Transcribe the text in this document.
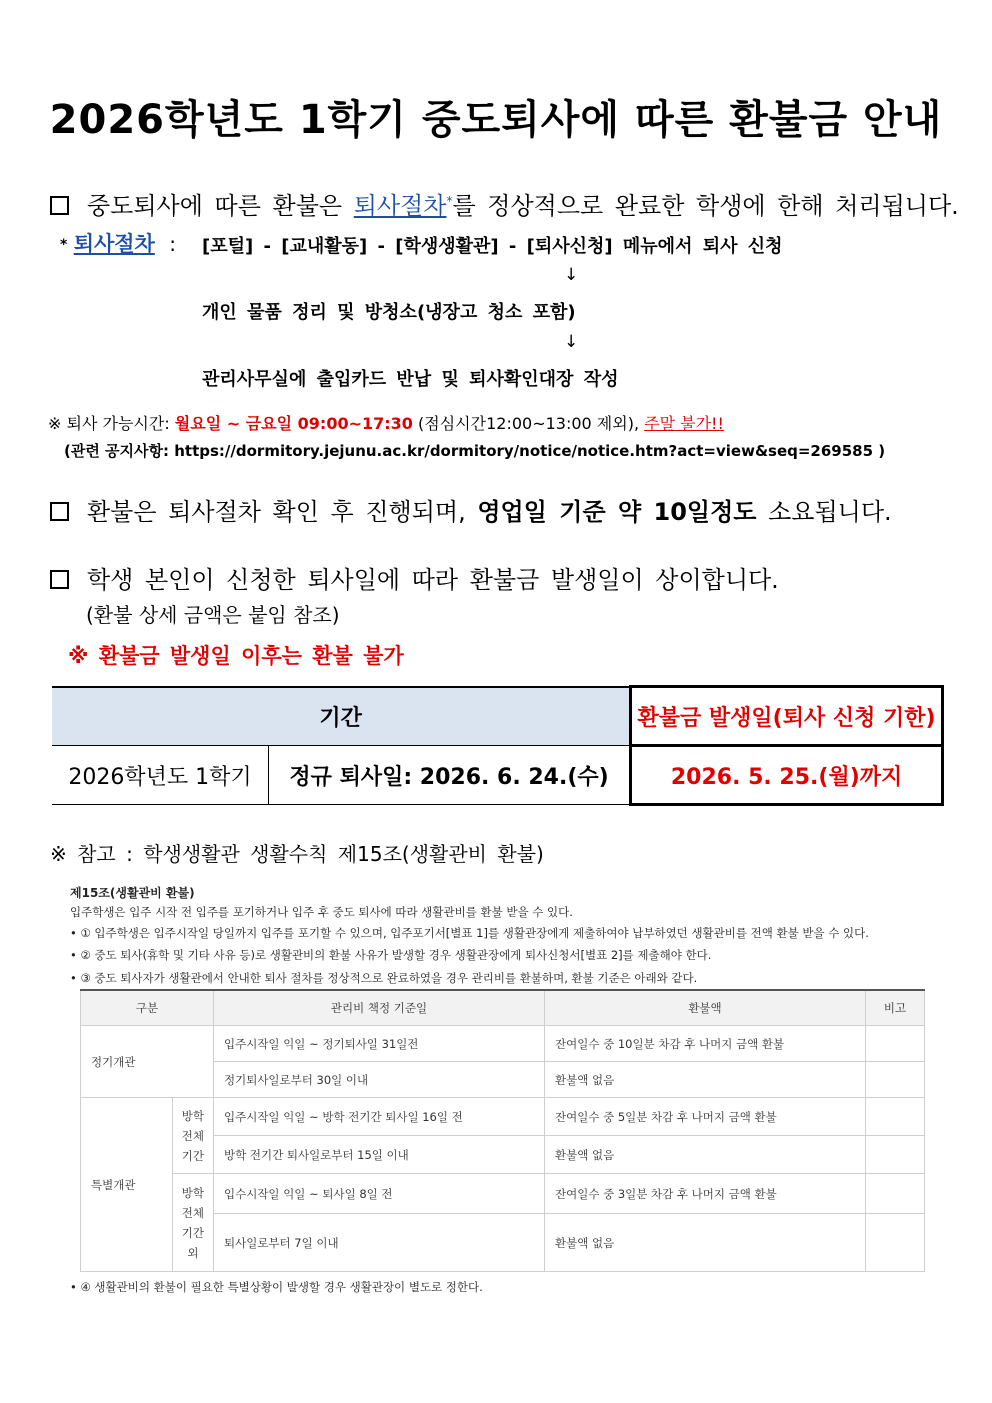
2026학년도 1학기 중도퇴사에 따른 환불금 안내
중도퇴사에 따른 환불은 퇴사절차*를 정상적으로 완료한 학생에 한해 처리됩니다.
* 퇴사절차 : [포털] - [교내활동] - [학생생활관] - [퇴사신청] 메뉴에서 퇴사 신청
↓
개인 물품 정리 및 방청소(냉장고 청소 포함)
↓
관리사무실에 출입카드 반납 및 퇴사확인대장 작성
※ 퇴사 가능시간: 월요일 ~ 금요일 09:00~17:30 (점심시간12:00~13:00 제외), 주말 불가!!
(관련 공지사항: https://dormitory.jejunu.ac.kr/dormitory/notice/notice.htm?act=view&seq=269585 )
환불은 퇴사절차 확인 후 진행되며, 영업일 기준 약 10일정도 소요됩니다.
학생 본인이 신청한 퇴사일에 따라 환불금 발생일이 상이합니다.
(환불 상세 금액은 붙임 참조)
※ 환불금 발생일 이후는 환불 불가
기간		환불금 발생일(퇴사 신청 기한)
2026학년도 1학기	정규 퇴사일: 2026. 6. 24.(수)	2026. 5. 25.(월)까지
※ 참고 : 학생생활관 생활수칙 제15조(생활관비 환불)
제15조(생활관비 환불)
입주학생은 입주 시작 전 입주를 포기하거나 입주 후 중도 퇴사에 따라 생활관비를 환불 받을 수 있다.
• ① 입주학생은 입주시작일 당일까지 입주를 포기할 수 있으며, 입주포기서[별표 1]를 생활관장에게 제출하여야 납부하였던 생활관비를 전액 환불 받을 수 있다.
• ② 중도 퇴사(휴학 및 기타 사유 등)로 생활관비의 환불 사유가 발생할 경우 생활관장에게 퇴사신청서[별표 2]를 제출해야 한다.
• ③ 중도 퇴사자가 생활관에서 안내한 퇴사 절차를 정상적으로 완료하였을 경우 관리비를 환불하며, 환불 기준은 아래와 같다.
• ④ 생활관비의 환불이 필요한 특별상황이 발생할 경우 생활관장이 별도로 정한다.
구분		관리비 책정 기준일	환불액	비고
정기개관		입주시작일 익일 ~ 정기퇴사일 31일전	잔여일수 중 10일분 차감 후 나머지 금액 환불	
		정기퇴사일로부터 30일 이내	환불액 없음	
특별개관	방학 전체 기간	입주시작일 익일 ~ 방학 전기간 퇴사일 16일 전	잔여일수 중 5일분 차감 후 나머지 금액 환불	
		방학 전기간 퇴사일로부터 15일 이내	환불액 없음	
	방학 전체 기간 외	입수시작일 익일 ~ 퇴사일 8일 전	잔여일수 중 3일분 차감 후 나머지 금액 환불	
		퇴사일로부터 7일 이내	환불액 없음	
